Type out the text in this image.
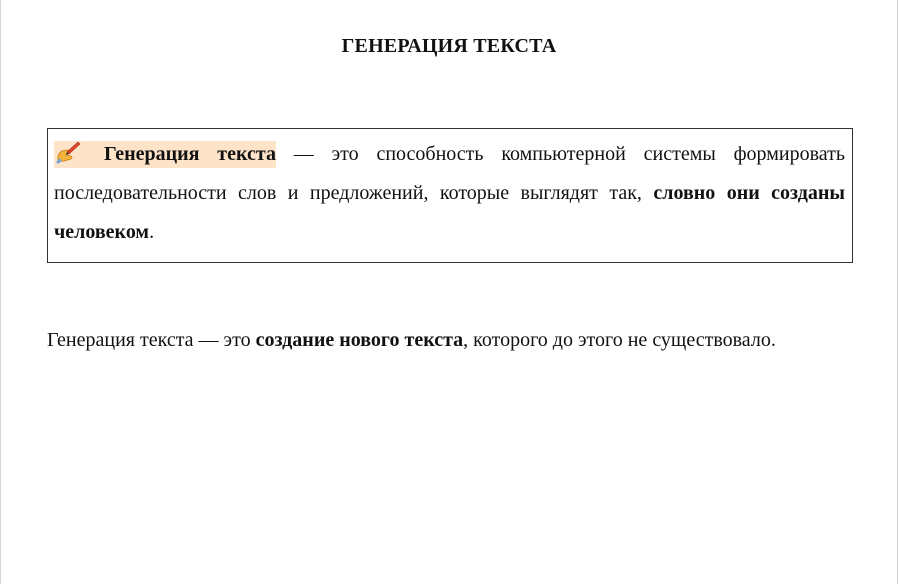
ГЕНЕРАЦИЯ ТЕКСТА

Генерация текста — это способность компьютерной системы формировать последовательности слов и предложений, которые выглядят так, словно они созданы человеком.

Генерация текста — это создание нового текста, которого до этого не существовало.
